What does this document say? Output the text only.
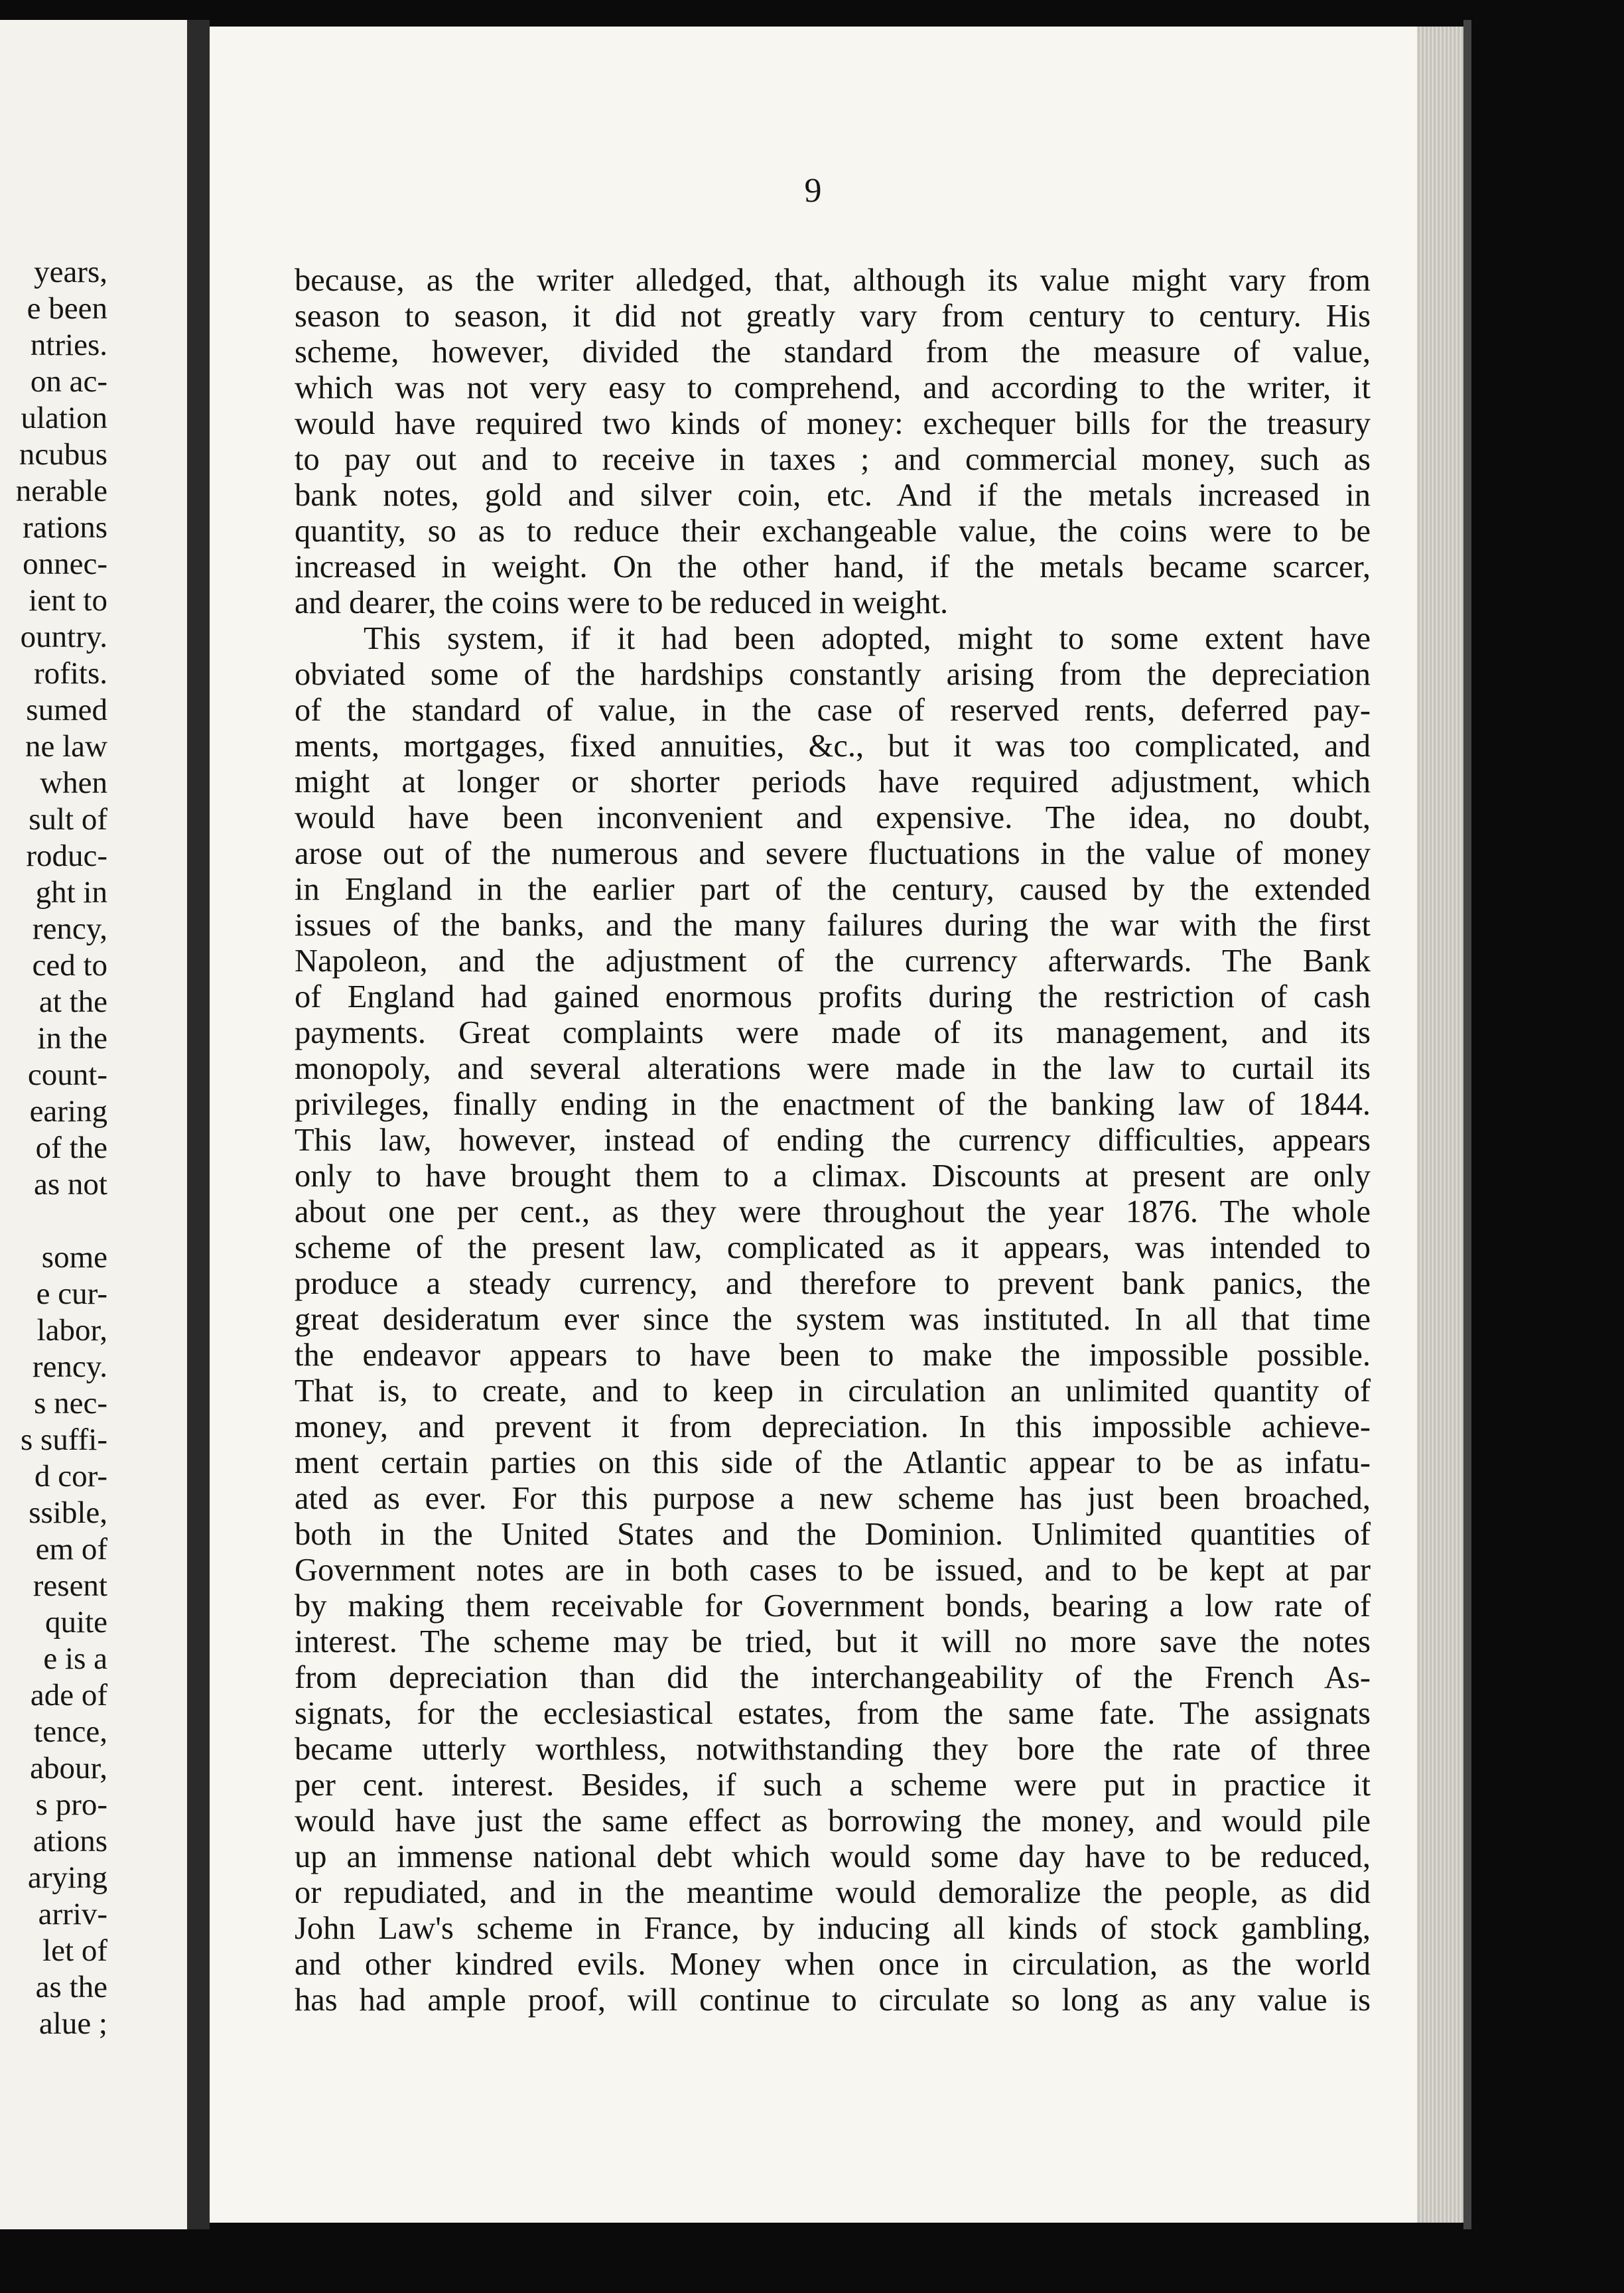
years,
e been
ntries.
on ac-
ulation
ncubus
nerable
rations
onnec-
ient to
ountry.
rofits.
sumed
ne law
when
sult of
roduc-
ght in
rency,
ced to
at the
in the
count-
earing
of the
as not
some
e cur-
labor,
rency.
s nec-
s suffi-
d cor-
ssible,
em of
resent
quite
e is a
ade of
tence,
abour,
s pro-
ations
arying
arriv-
let of
as the
alue ;
9
because, as the writer alledged, that, although its value might vary from
season to season, it did not greatly vary from century to century. His
scheme, however, divided the standard from the measure of value,
which was not very easy to comprehend, and according to the writer, it
would have required two kinds of money: exchequer bills for the treasury
to pay out and to receive in taxes ; and commercial money, such as
bank notes, gold and silver coin, etc. And if the metals increased in
quantity, so as to reduce their exchangeable value, the coins were to be
increased in weight. On the other hand, if the metals became scarcer,
and dearer, the coins were to be reduced in weight.
This system, if it had been adopted, might to some extent have
obviated some of the hardships constantly arising from the depreciation
of the standard of value, in the case of reserved rents, deferred pay-
ments, mortgages, fixed annuities, &c., but it was too complicated, and
might at longer or shorter periods have required adjustment, which
would have been inconvenient and expensive. The idea, no doubt,
arose out of the numerous and severe fluctuations in the value of money
in England in the earlier part of the century, caused by the extended
issues of the banks, and the many failures during the war with the first
Napoleon, and the adjustment of the currency afterwards. The Bank
of England had gained enormous profits during the restriction of cash
payments. Great complaints were made of its management, and its
monopoly, and several alterations were made in the law to curtail its
privileges, finally ending in the enactment of the banking law of 1844.
This law, however, instead of ending the currency difficulties, appears
only to have brought them to a climax. Discounts at present are only
about one per cent., as they were throughout the year 1876. The whole
scheme of the present law, complicated as it appears, was intended to
produce a steady currency, and therefore to prevent bank panics, the
great desideratum ever since the system was instituted. In all that time
the endeavor appears to have been to make the impossible possible.
That is, to create, and to keep in circulation an unlimited quantity of
money, and prevent it from depreciation. In this impossible achieve-
ment certain parties on this side of the Atlantic appear to be as infatu-
ated as ever. For this purpose a new scheme has just been broached,
both in the United States and the Dominion. Unlimited quantities of
Government notes are in both cases to be issued, and to be kept at par
by making them receivable for Government bonds, bearing a low rate of
interest. The scheme may be tried, but it will no more save the notes
from depreciation than did the interchangeability of the French As-
signats, for the ecclesiastical estates, from the same fate. The assignats
became utterly worthless, notwithstanding they bore the rate of three
per cent. interest. Besides, if such a scheme were put in practice it
would have just the same effect as borrowing the money, and would pile
up an immense national debt which would some day have to be reduced,
or repudiated, and in the meantime would demoralize the people, as did
John Law's scheme in France, by inducing all kinds of stock gambling,
and other kindred evils. Money when once in circulation, as the world
has had ample proof, will continue to circulate so long as any value is
